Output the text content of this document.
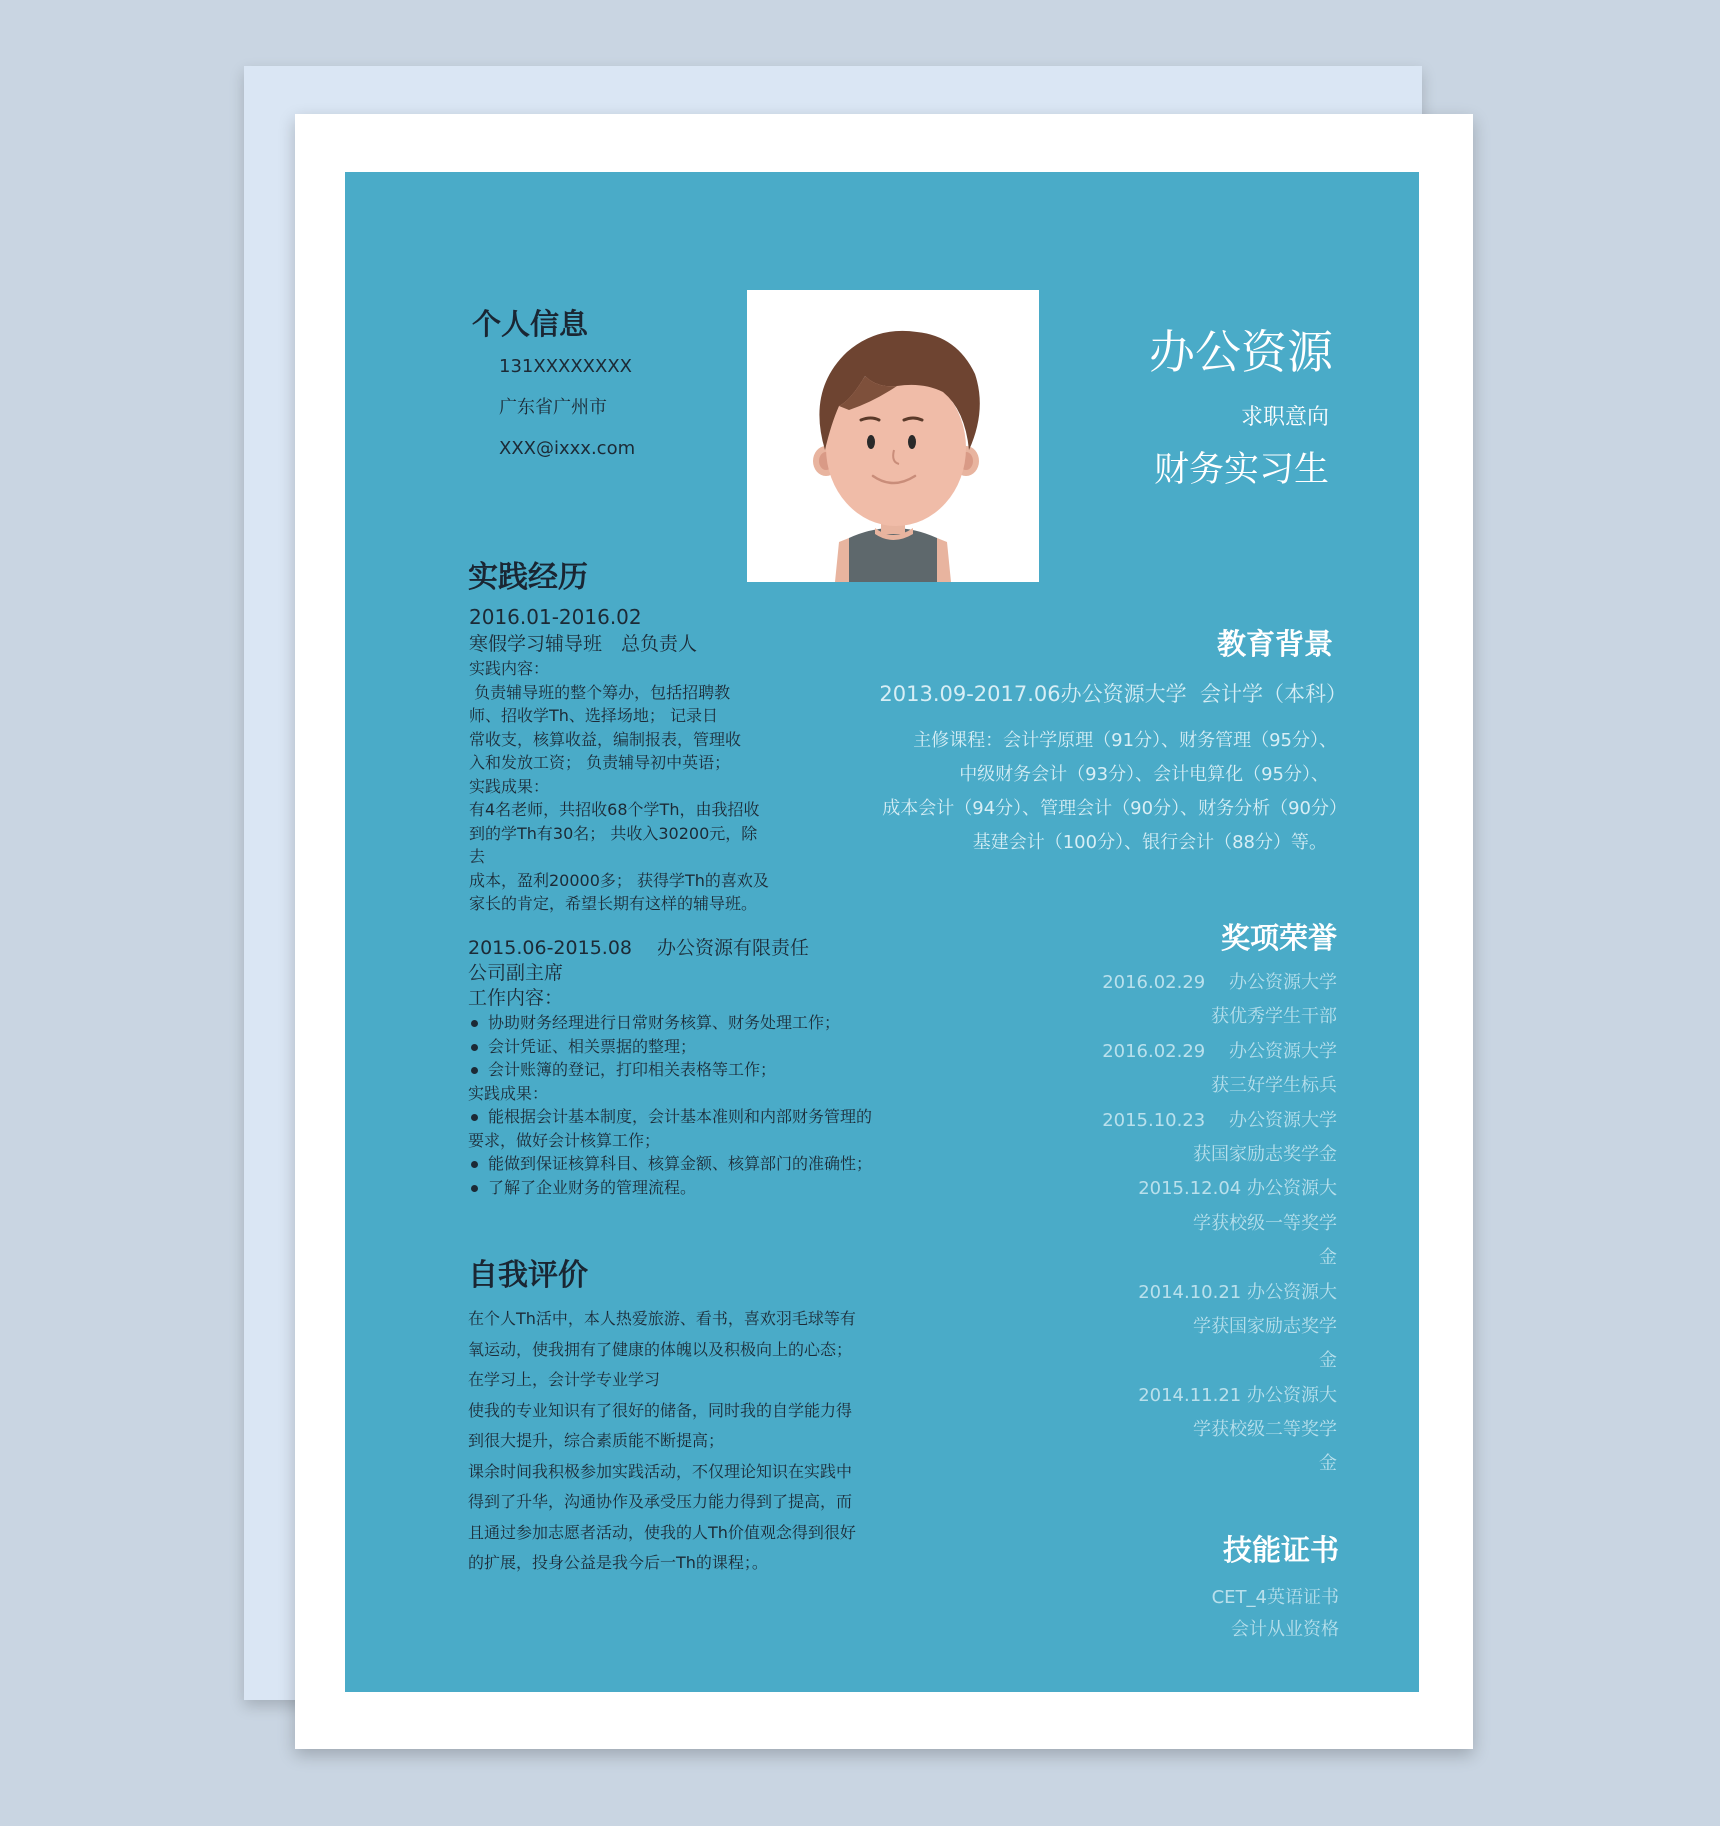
个人信息
131XXXXXXXX
广东省广州市
XXX@ixxx.com
办公资源
求职意向
财务实习生
实践经历
2016.01-2016.02
寒假学习辅导班　总负责人
实践内容：
负责辅导班的整个筹办，包括招聘教
师、招收学Th、选择场地； 记录日
常收支，核算收益，编制报表，管理收
入和发放工资； 负责辅导初中英语；
实践成果：
有4名老师，共招收68个学Th，由我招收
到的学Th有30名； 共收入30200元，除
去
成本，盈利20000多； 获得学Th的喜欢及
家长的肯定，希望长期有这样的辅导班。
2015.06-2015.08　 办公资源有限责任
公司副主席
工作内容：
协助财务经理进行日常财务核算、财务处理工作；
会计凭证、相关票据的整理；
会计账簿的登记，打印相关表格等工作；
实践成果：
能根据会计基本制度，会计基本准则和内部财务管理的
要求，做好会计核算工作；
能做到保证核算科目、核算金额、核算部门的准确性；
了解了企业财务的管理流程。
自我评价
在个人Th活中，本人热爱旅游、看书，喜欢羽毛球等有
氧运动，使我拥有了健康的体魄以及积极向上的心态；
在学习上，会计学专业学习
使我的专业知识有了很好的储备，同时我的自学能力得
到很大提升，综合素质能不断提高；
课余时间我积极参加实践活动，不仅理论知识在实践中
得到了升华，沟通协作及承受压力能力得到了提高，而
且通过参加志愿者活动，使我的人Th价值观念得到很好
的扩展，投身公益是我今后一Th的课程；。
教育背景
2013.09-2017.06办公资源大学  会计学（本科）
主修课程：会计学原理（91分）、财务管理（95分）、
中级财务会计（93分）、会计电算化（95分）、
成本会计（94分）、管理会计（90分）、财务分析（90分）
基建会计（100分）、银行会计（88分）等。
奖项荣誉
2016.02.29　 办公资源大学
获优秀学生干部
2016.02.29　 办公资源大学
获三好学生标兵
2015.10.23　 办公资源大学
获国家励志奖学金
2015.12.04 办公资源大
学获校级一等奖学
金
2014.10.21 办公资源大
学获国家励志奖学
金
2014.11.21 办公资源大
学获校级二等奖学
金
技能证书
CET_4英语证书
会计从业资格
